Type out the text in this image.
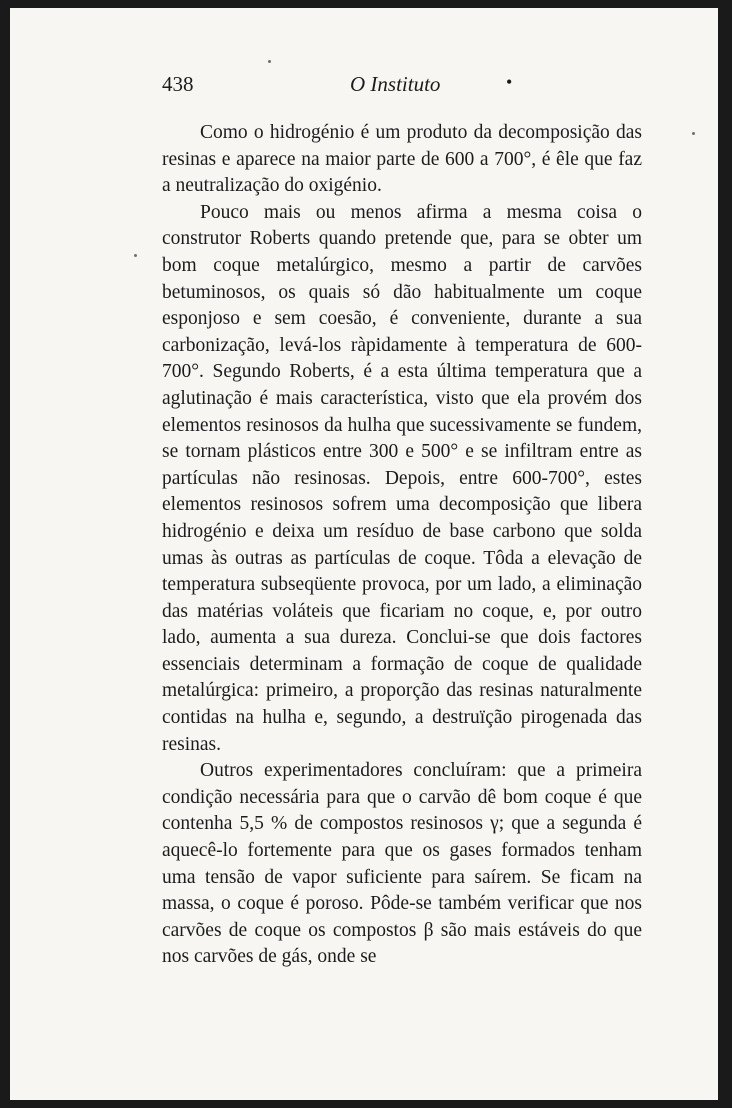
438	O Instituto	•

Como o hidrogénio é um produto da decomposição das resinas e aparece na maior parte de 600 a 700°, é êle que faz a neutralização do oxigénio.

Pouco mais ou menos afirma a mesma coisa o construtor Roberts quando pretende que, para se obter um bom coque metalúrgico, mesmo a partir de carvões betuminosos, os quais só dão habitualmente um coque esponjoso e sem coesão, é conveniente, durante a sua carbonização, levá-los ràpidamente à temperatura de 600-700°. Segundo Roberts, é a esta última temperatura que a aglutinação é mais característica, visto que ela provém dos elementos resinosos da hulha que sucessivamente se fundem, se tornam plásticos entre 300 e 500° e se infiltram entre as partículas não resinosas. Depois, entre 600-700°, estes elementos resinosos sofrem uma decomposição que libera hidrogénio e deixa um resíduo de base carbono que solda umas às outras as partículas de coque. Tôda a elevação de temperatura subseqüente provoca, por um lado, a eliminação das matérias voláteis que ficariam no coque, e, por outro lado, aumenta a sua dureza. Conclui-se que dois factores essenciais determinam a formação de coque de qualidade metalúrgica: primeiro, a proporção das resinas naturalmente contidas na hulha e, segundo, a destruïção pirogenada das resinas.

Outros experimentadores concluíram: que a primeira condição necessária para que o carvão dê bom coque é que contenha 5,5 % de compostos resinosos γ; que a segunda é aquecê-lo fortemente para que os gases formados tenham uma tensão de vapor suficiente para saírem. Se ficam na massa, o coque é poroso. Pôde-se também verificar que nos carvões de coque os compostos β são mais estáveis do que nos carvões de gás, onde se
